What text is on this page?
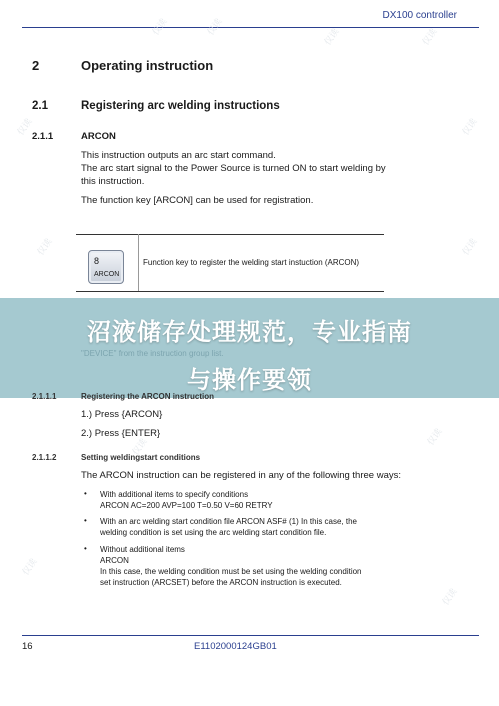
DX100 controller
2	Operating instruction
2.1	Registering arc welding instructions
2.1.1	ARCON
This instruction outputs an arc start command.
The arc start signal to the Power Source is turned ON to start welding by
this instruction.
The function key [ARCON] can be used for registration.
8
ARCON
Function key to register the welding start instuction (ARCON)
沼液储存处理规范，专业指南
与操作要领
2.1.1.1	Registering the ARCON instruction
1.) Press {ARCON}
2.) Press {ENTER}
2.1.1.2	Setting weldingstart conditions
The ARCON instruction can be registered in any of the following three ways:
• With additional items to specify conditions
ARCON AC=200 AVP=100 T=0.50 V=60 RETRY
• With an arc welding start condition file ARCON ASF# (1) In this case, the
welding condition is set using the arc welding start condition file.
• Without additional items
ARCON
In this case, the welding condition must be set using the welding condition
set instruction (ARCSET) before the ARCON instruction is executed.
16	E1102000124GB01
仅读	仅读	仅读	仅读
仅读	仅读
仅读	仅读
仅读	仅读
仅读
仅读
